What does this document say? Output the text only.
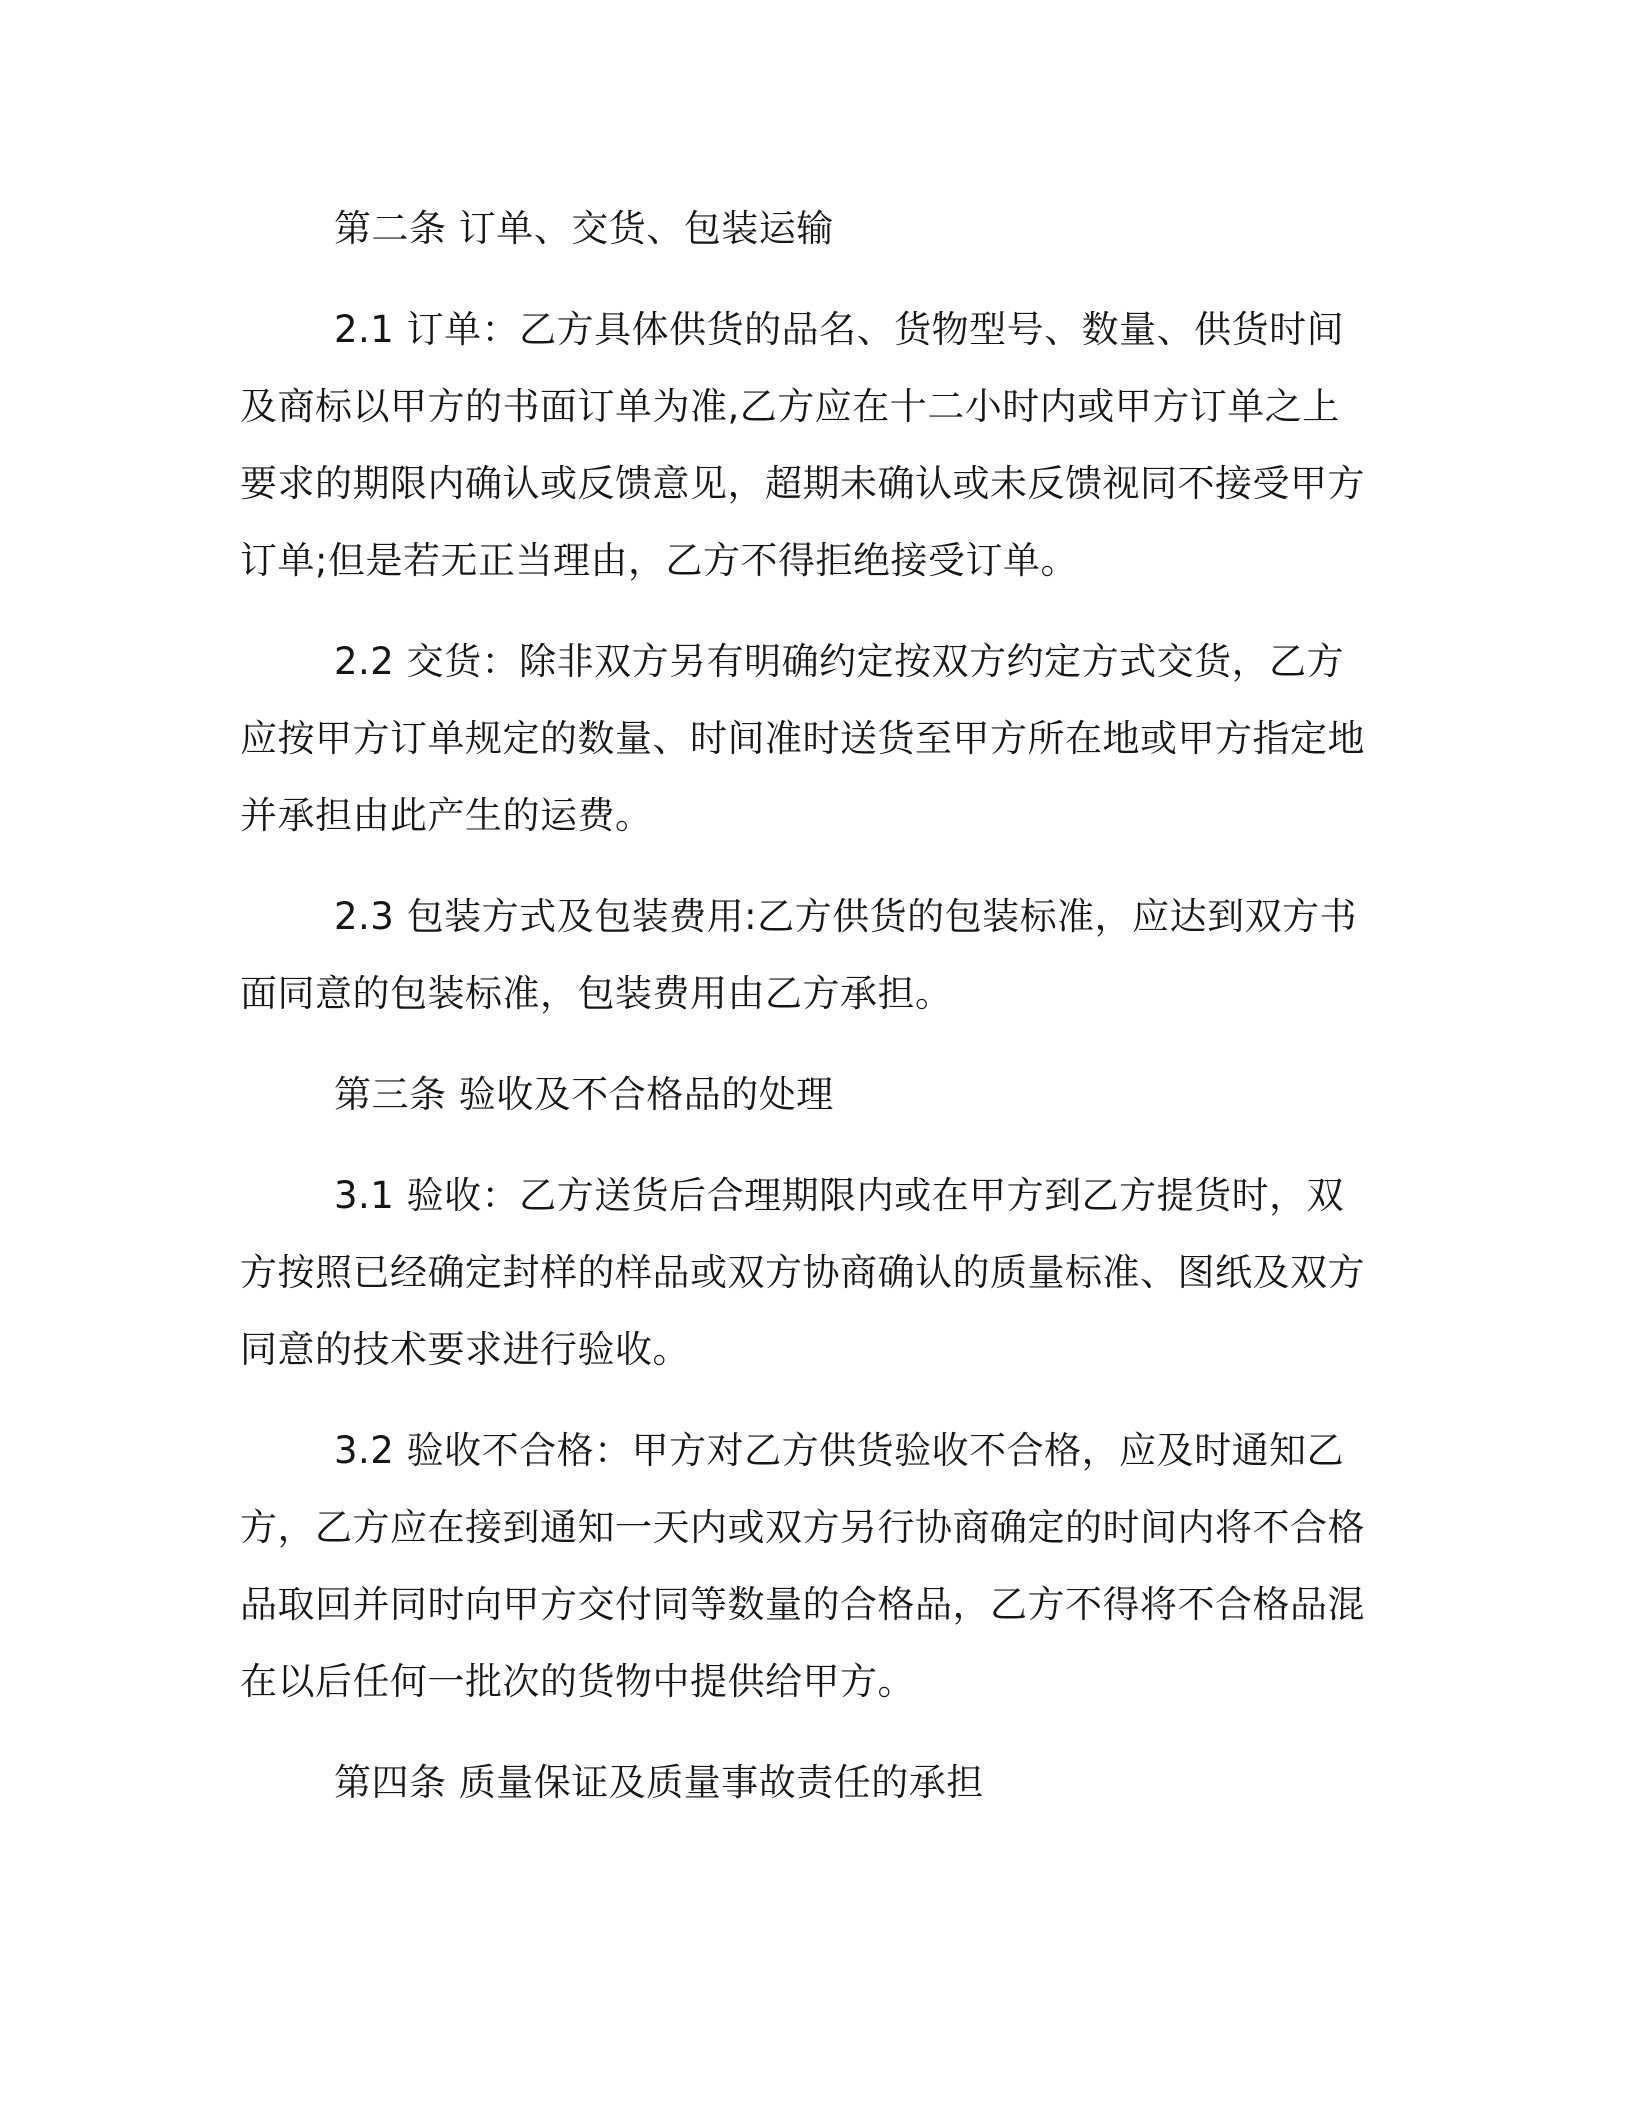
第二条 订单、交货、包装运输

2.1 订单：乙方具体供货的品名、货物型号、数量、供货时间及商标以甲方的书面订单为准,乙方应在十二小时内或甲方订单之上要求的期限内确认或反馈意见，超期未确认或未反馈视同不接受甲方订单;但是若无正当理由，乙方不得拒绝接受订单。

2.2 交货：除非双方另有明确约定按双方约定方式交货，乙方应按甲方订单规定的数量、时间准时送货至甲方所在地或甲方指定地并承担由此产生的运费。

2.3 包装方式及包装费用:乙方供货的包装标准，应达到双方书面同意的包装标准，包装费用由乙方承担。

第三条 验收及不合格品的处理

3.1 验收：乙方送货后合理期限内或在甲方到乙方提货时，双方按照已经确定封样的样品或双方协商确认的质量标准、图纸及双方同意的技术要求进行验收。

3.2 验收不合格：甲方对乙方供货验收不合格，应及时通知乙方，乙方应在接到通知一天内或双方另行协商确定的时间内将不合格品取回并同时向甲方交付同等数量的合格品，乙方不得将不合格品混在以后任何一批次的货物中提供给甲方。

第四条 质量保证及质量事故责任的承担
